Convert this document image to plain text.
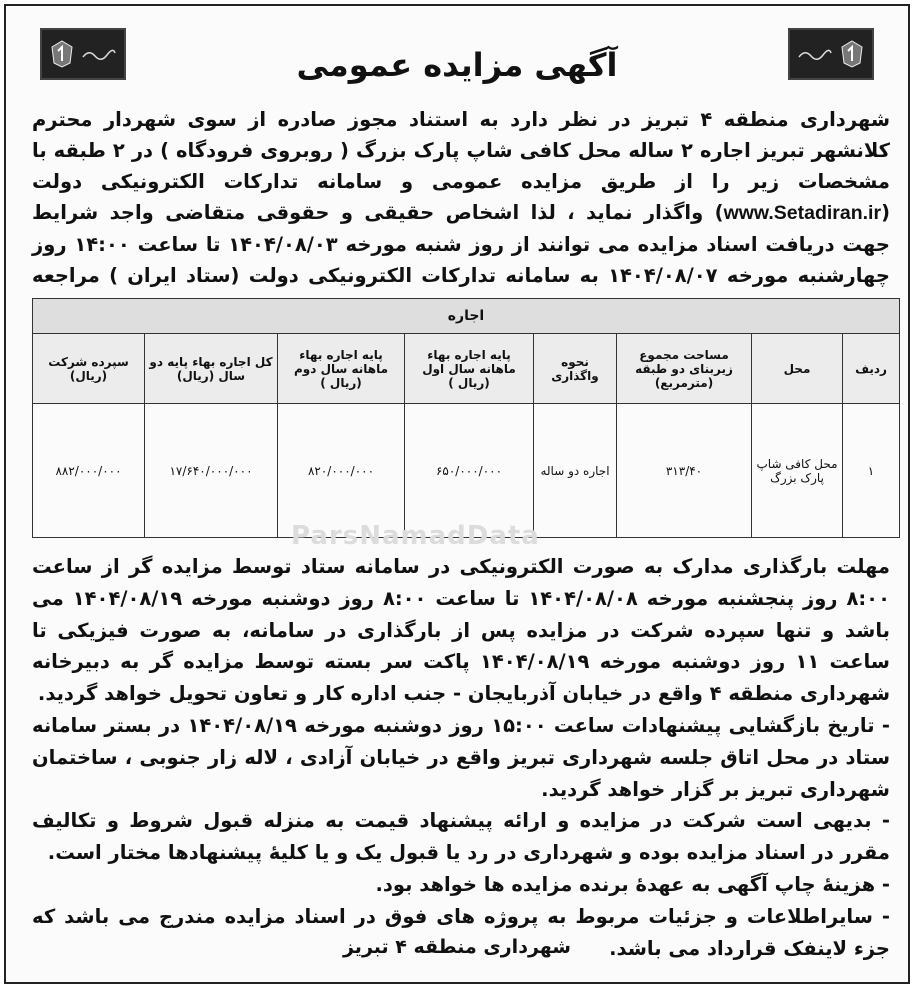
آگهی مزایده عمومی
شهرداری منطقه ۴ تبریز در نظر دارد به استناد مجوز صادره از سوی شهردار محترم کلانشهر تبریز اجاره ۲ ساله محل کافی شاپ پارک بزرگ ( روبروی فرودگاه ) در ۲ طبقه با مشخصات زیر را از طریق مزایده عمومی و سامانه تدارکات الکترونیکی دولت (www.Setadiran.ir) واگذار نماید ، لذا اشخاص حقیقی و حقوقی متقاضی واجد شرایط جهت دریافت اسناد مزایده می توانند از روز شنبه مورخه ۱۴۰۴/۰۸/۰۳ تا ساعت ۱۴:۰۰ روز چهارشنبه مورخه ۱۴۰۴/۰۸/۰۷ به سامانه تدارکات الکترونیکی دولت (ستاد ایران ) مراجعه
اجاره							
ردیف	محل	مساحت مجموع زیربنای دو طبقه (مترمربع)	نحوه واگذاری	پایه اجاره بهاء ماهانه سال اول (ریال )	پایه اجاره بهاء ماهانه سال دوم (ریال )	کل اجاره بهاء پایه دو سال (ریال)	سپرده شرکت (ریال)
۱	محل کافی شاپ پارک بزرگ	۳۱۳/۴۰	اجاره دو ساله	۶۵۰/۰۰۰/۰۰۰	۸۲۰/۰۰۰/۰۰۰	۱۷/۶۴۰/۰۰۰/۰۰۰	۸۸۲/۰۰۰/۰۰۰
ParsNamadData

مهلت بارگذاری مدارک به صورت الکترونیکی در سامانه ستاد توسط مزایده گر از ساعت ۸:۰۰ روز پنجشنبه مورخه ۱۴۰۴/۰۸/۰۸ تا ساعت ۸:۰۰ روز دوشنبه مورخه ۱۴۰۴/۰۸/۱۹ می باشد و تنها سپرده شرکت در مزایده پس از بارگذاری در سامانه، به صورت فیزیکی تا ساعت ۱۱ روز دوشنبه مورخه ۱۴۰۴/۰۸/۱۹ پاکت سر بسته توسط مزایده گر به دبیرخانه شهرداری منطقه ۴ واقع در خیابان آذربایجان - جنب اداره کار و تعاون تحویل خواهد گردید.

- تاریخ بازگشایی پیشنهادات ساعت ۱۵:۰۰ روز دوشنبه مورخه ۱۴۰۴/۰۸/۱۹ در بستر سامانه ستاد در محل اتاق جلسه شهرداری تبریز واقع در خیابان آزادی ، لاله زار جنوبی ، ساختمان شهرداری تبریز بر گزار خواهد گردید.

- بدیهی است شرکت در مزایده و ارائه پیشنهاد قیمت به منزله قبول شروط و تکالیف مقرر در اسناد مزایده بوده و شهرداری در رد یا قبول یک و یا کلیهٔ پیشنهادها مختار است.

- هزینهٔ چاپ آگهی به عهدهٔ برنده مزایده ها خواهد بود.

- سایراطلاعات و جزئیات مربوط به پروژه های فوق در اسناد مزایده مندرج می باشد که جزء لاینفک قرارداد می باشد.

شهرداری منطقه ۴ تبریز
